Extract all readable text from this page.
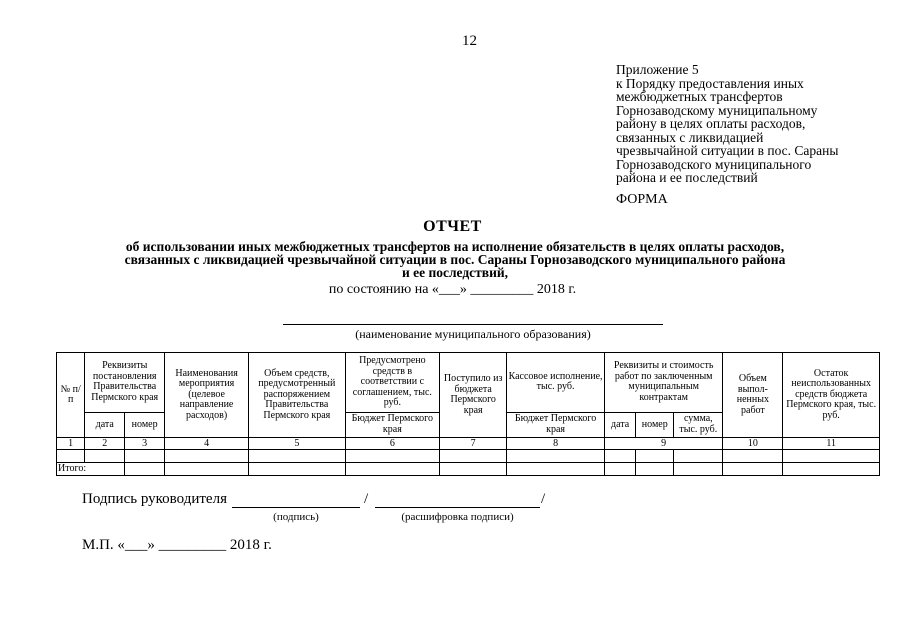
12
Приложение 5
к Порядку предоставления иных
межбюджетных трансфертов
Горнозаводскому муниципальному
району в целях оплаты расходов,
связанных с ликвидацией
чрезвычайной ситуации в пос. Сараны
Горнозаводского муниципального
района и ее последствий
ФОРМА
ОТЧЕТ
об использовании иных межбюджетных трансфертов на исполнение обязательств в целях оплаты расходов,
связанных с ликвидацией чрезвычайной ситуации в пос. Сараны Горнозаводского муниципального района
и ее последствий,
по состоянию на «___» _________ 2018 г.
(наименование муниципального образования)
№ п/п	Реквизиты постановления Правительства Пермского края		Наименования мероприятия (целевое направление расходов)	Объем средств, предусмотренный распоряжением Правительства Пермского края	Предусмотрено средств в соответствии с соглашением, тыс. руб.	Поступило из бюджета Пермского края	Кассовое исполнение, тыс. руб.	Реквизиты и стоимость работ по заключенным муниципальным контрактам			Объем выпол-ненных работ	Остаток неиспользованных средств бюджета Пермского края, тыс. руб.
	дата	номер			Бюджет Пермского края		Бюджет Пермского края	дата	номер	сумма, тыс. руб.		
1	2	3	4	5	6	7	8	9			10	11

Итого:												
Подпись руководителя	/	/
(подпись)	(расшифровка подписи)
М.П. «___» _________ 2018 г.
